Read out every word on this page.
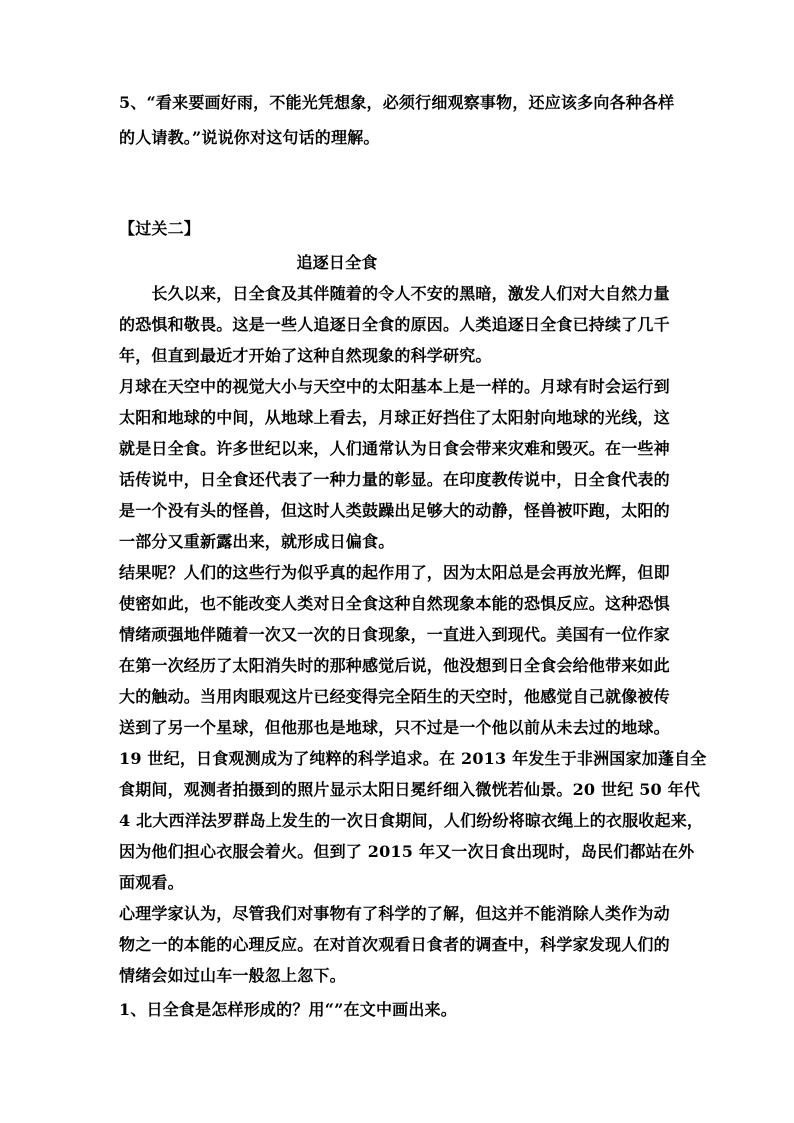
5、“看来要画好雨，不能光凭想象，必须行细观察事物，还应该多向各种各样
的人请教。”说说你对这句话的理解。
【过关二】
追逐日全食
　　长久以来，日全食及其伴随着的令人不安的黑暗，激发人们对大自然力量
的恐惧和敬畏。这是一些人追逐日全食的原因。人类追逐日全食已持续了几千
年，但直到最近才开始了这种自然现象的科学研究。
月球在天空中的视觉大小与天空中的太阳基本上是一样的。月球有时会运行到
太阳和地球的中间，从地球上看去，月球正好挡住了太阳射向地球的光线，这
就是日全食。许多世纪以来，人们通常认为日食会带来灾难和毁灭。在一些神
话传说中，日全食还代表了一种力量的彰显。在印度教传说中，日全食代表的
是一个没有头的怪兽，但这时人类鼓躁出足够大的动静，怪兽被吓跑，太阳的
一部分又重新露出来，就形成日偏食。
结果呢？人们的这些行为似乎真的起作用了，因为太阳总是会再放光辉，但即
使密如此，也不能改变人类对日全食这种自然现象本能的恐惧反应。这种恐惧
情绪顽强地伴随着一次又一次的日食现象，一直进入到现代。美国有一位作家
在第一次经历了太阳消失时的那种感觉后说，他没想到日全食会给他带来如此
大的触动。当用肉眼观这片已经变得完全陌生的天空时，他感觉自己就像被传
送到了另一个星球，但他那也是地球，只不过是一个他以前从未去过的地球。
19 世纪，日食观测成为了纯粹的科学追求。在 2013 年发生于非洲国家加蓬自全
食期间，观测者拍摄到的照片显示太阳日冕纤细入微恍若仙景。20 世纪 50 年代
4 北大西洋法罗群岛上发生的一次日食期间，人们纷纷将晾衣绳上的衣服收起来，
因为他们担心衣服会着火。但到了 2015 年又一次日食出现时，岛民们都站在外
面观看。
心理学家认为，尽管我们对事物有了科学的了解，但这并不能消除人类作为动
物之一的本能的心理反应。在对首次观看日食者的调查中，科学家发现人们的
情绪会如过山车一般忽上忽下。
1、日全食是怎样形成的？用“”在文中画出来。
